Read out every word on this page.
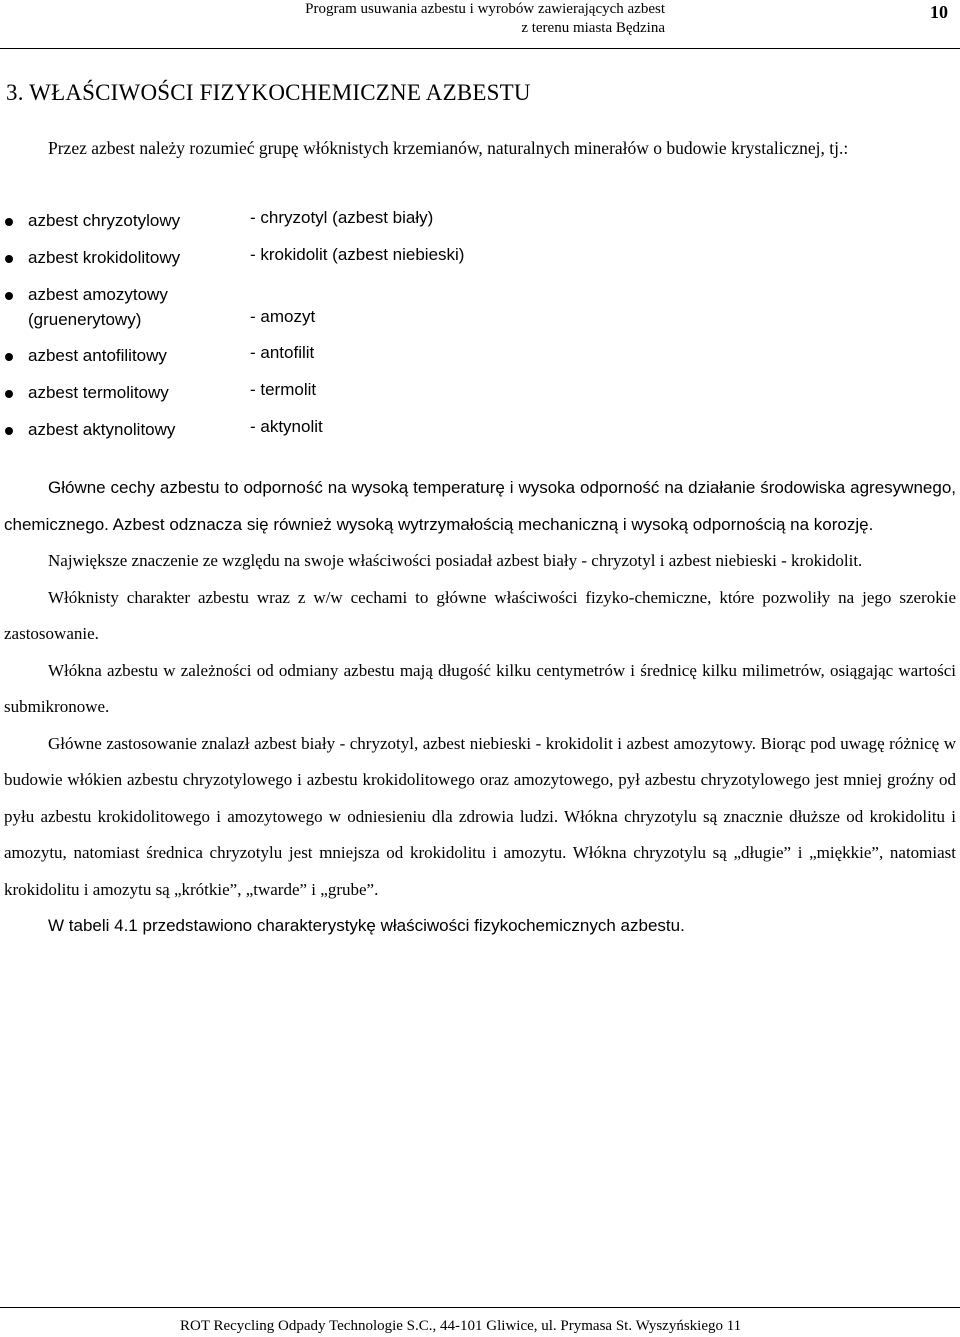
Program usuwania azbestu i wyrobów zawierających azbest
z terenu miasta Będzina
10
3. WŁAŚCIWOŚCI FIZYKOCHEMICZNE AZBESTU

Przez azbest należy rozumieć grupę włóknistych krzemianów, naturalnych minerałów o budowie krystalicznej, tj.:

azbest chryzotylowy	- chryzotyl (azbest biały)
azbest krokidolitowy	- krokidolit (azbest niebieski)
azbest amozytowy
(gruenerytowy)	- amozyt
azbest antofilitowy	- antofilit
azbest termolitowy	- termolit
azbest aktynolitowy	- aktynolit

Główne cechy azbestu to odporność na wysoką temperaturę i wysoka odporność na działanie środowiska agresywnego, chemicznego. Azbest odznacza się również wysoką wytrzymałością mechaniczną i wysoką odpornością na korozję.

Największe znaczenie ze względu na swoje właściwości posiadał azbest biały - chryzotyl i azbest niebieski - krokidolit.

Włóknisty charakter azbestu wraz z w/w cechami to główne właściwości fizyko-chemiczne, które pozwoliły na jego szerokie zastosowanie.

Włókna azbestu w zależności od odmiany azbestu mają długość kilku centymetrów i średnicę kilku milimetrów, osiągając wartości submikronowe.

Główne zastosowanie znalazł azbest biały - chryzotyl, azbest niebieski - krokidolit i azbest amozytowy. Biorąc pod uwagę różnicę w budowie włókien azbestu chryzotylowego i azbestu krokidolitowego oraz amozytowego, pył azbestu chryzotylowego jest mniej groźny od pyłu azbestu krokidolitowego i amozytowego w odniesieniu dla zdrowia ludzi. Włókna chryzotylu są znacznie dłuższe od krokidolitu i amozytu, natomiast średnica chryzotylu jest mniejsza od krokidolitu i amozytu. Włókna chryzotylu są „długie” i „miękkie”, natomiast krokidolitu i amozytu są „krótkie”, „twarde” i „grube”.

W tabeli 4.1 przedstawiono charakterystykę właściwości fizykochemicznych azbestu.

ROT Recycling Odpady Technologie S.C., 44-101 Gliwice, ul. Prymasa St. Wyszyńskiego 11
